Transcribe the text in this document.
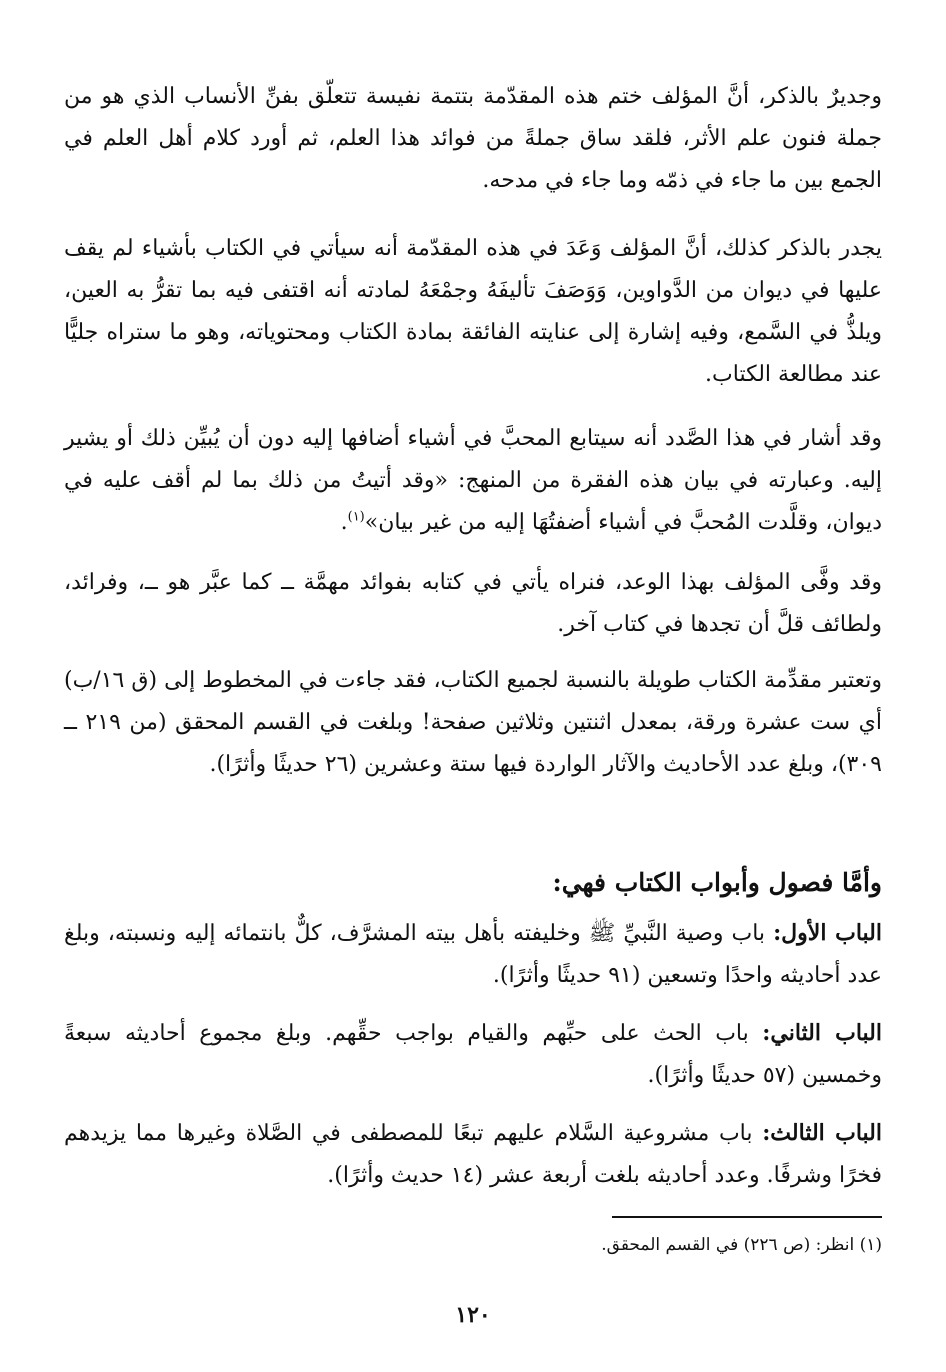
وجديرٌ بالذكر، أنَّ المؤلف ختم هذه المقدّمة بتتمة نفيسة تتعلّق بفنِّ الأنساب الذي هو من جملة فنون علم الأثر، فلقد ساق جملةً من فوائد هذا العلم، ثم أورد كلام أهل العلم في الجمع بين ما جاء في ذمّه وما جاء في مدحه.

يجدر بالذكر كذلك، أنَّ المؤلف وَعَدَ في هذه المقدّمة أنه سيأتي في الكتاب بأشياء لم يقف عليها في ديوان من الدَّواوين، وَوَصَفَ تأليفَهُ وجمْعَهُ لمادته أنه اقتفى فيه بما تقرُّ به العين، ويلذُّ في السَّمع، وفيه إشارة إلى عنايته الفائقة بمادة الكتاب ومحتوياته، وهو ما ستراه جليًّا عند مطالعة الكتاب.

وقد أشار في هذا الصَّدد أنه سيتابع المحبَّ في أشياء أضافها إليه دون أن يُبيِّن ذلك أو يشير إليه. وعبارته في بيان هذه الفقرة من المنهج: «وقد أتيتُ من ذلك بما لم أقف عليه في ديوان، وقلَّدت المُحبَّ في أشياء أضفتُهَا إليه من غير بيان»$^{(١)}$.

وقد وفَّى المؤلف بهذا الوعد، فنراه يأتي في كتابه بفوائد مهمَّة ــ كما عبَّر هو ــ، وفرائد، ولطائف قلَّ أن تجدها في كتاب آخر.

وتعتبر مقدِّمة الكتاب طويلة بالنسبة لجميع الكتاب، فقد جاءت في المخطوط إلى (ق ١٦/ب) أي ست عشرة ورقة، بمعدل اثنتين وثلاثين صفحة! وبلغت في القسم المحقق (من ٢١٩ ــ ٣٠٩)، وبلغ عدد الأحاديث والآثار الواردة فيها ستة وعشرين (٢٦ حديثًا وأثرًا).

وأمَّا فصول وأبواب الكتاب فهي:

الباب الأول: باب وصية النَّبيِّ ﷺ وخليفته بأهل بيته المشرَّف، كلٌّ بانتمائه إليه ونسبته، وبلغ عدد أحاديثه واحدًا وتسعين (٩١ حديثًا وأثرًا).

الباب الثاني: باب الحث على حبِّهم والقيام بواجب حقِّهم. وبلغ مجموع أحاديثه سبعةً وخمسين (٥٧ حديثًا وأثرًا).

الباب الثالث: باب مشروعية السَّلام عليهم تبعًا للمصطفى في الصَّلاة وغيرها مما يزيدهم فخرًا وشرفًا. وعدد أحاديثه بلغت أربعة عشر (١٤ حديث وأثرًا).

(١) انظر: (ص ٢٢٦) في القسم المحقق.

١٢٠
